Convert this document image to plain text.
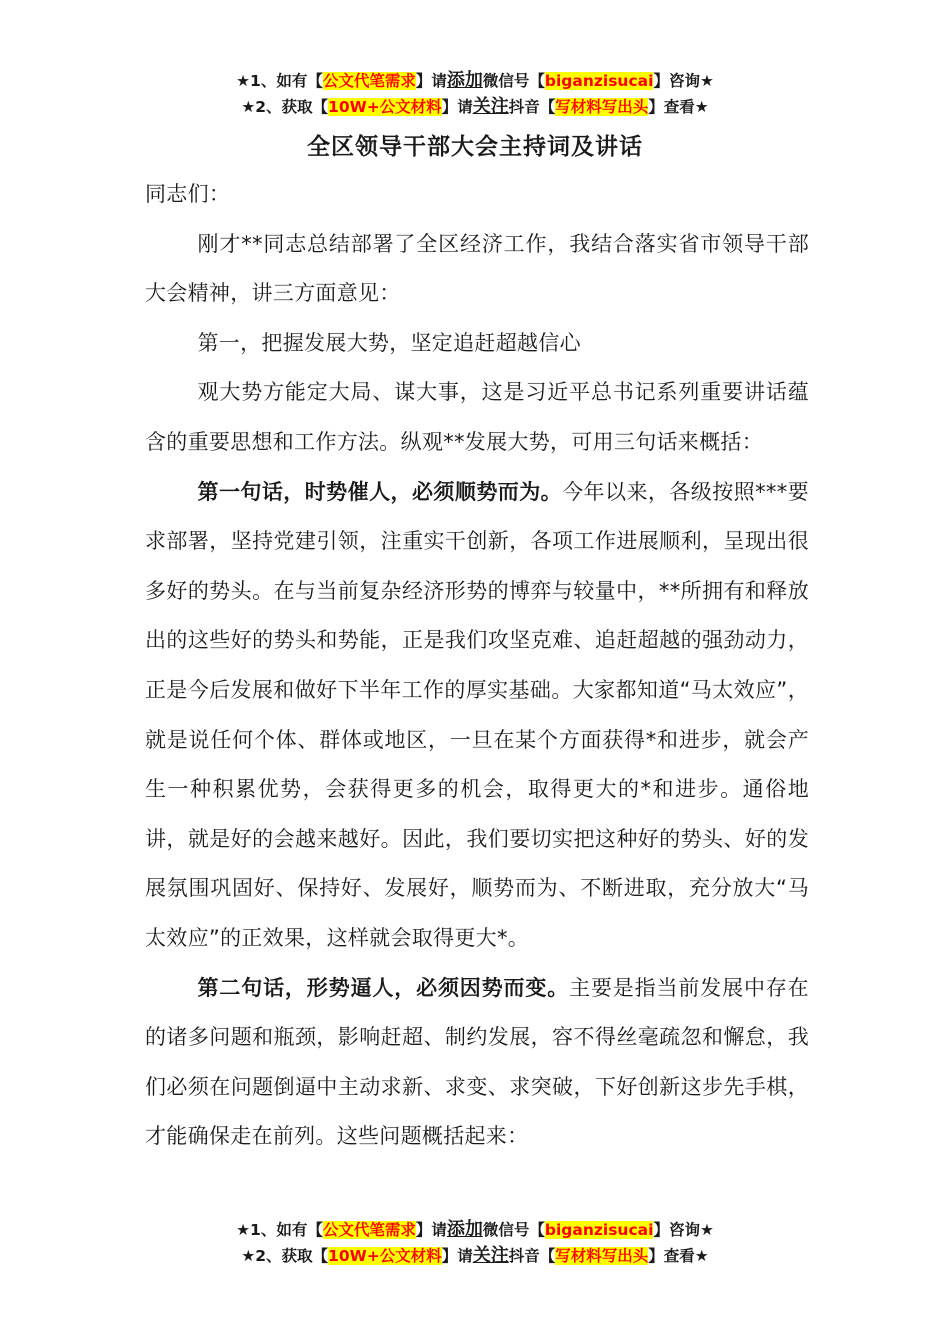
★1、如有【公文代笔需求】请添加微信号【biganzisucai】咨询★
★2、获取【10W+公文材料】请关注抖音【写材料写出头】查看★
全区领导干部大会主持词及讲话

同志们：

刚才**同志总结部署了全区经济工作，我结合落实省市领导干部大会精神，讲三方面意见：

第一，把握发展大势，坚定追赶超越信心

观大势方能定大局、谋大事，这是习近平总书记系列重要讲话蕴含的重要思想和工作方法。纵观**发展大势，可用三句话来概括：

第一句话，时势催人，必须顺势而为。今年以来，各级按照***要求部署，坚持党建引领，注重实干创新，各项工作进展顺利，呈现出很多好的势头。在与当前复杂经济形势的博弈与较量中，**所拥有和释放出的这些好的势头和势能，正是我们攻坚克难、追赶超越的强劲动力，正是今后发展和做好下半年工作的厚实基础。大家都知道“马太效应”，就是说任何个体、群体或地区，一旦在某个方面获得*和进步，就会产生一种积累优势，会获得更多的机会，取得更大的*和进步。通俗地讲，就是好的会越来越好。因此，我们要切实把这种好的势头、好的发展氛围巩固好、保持好、发展好，顺势而为、不断进取，充分放大“马太效应”的正效果，这样就会取得更大*。

第二句话，形势逼人，必须因势而变。主要是指当前发展中存在的诸多问题和瓶颈，影响赶超、制约发展，容不得丝毫疏忽和懈怠，我们必须在问题倒逼中主动求新、求变、求突破，下好创新这步先手棋，才能确保走在前列。这些问题概括起来：

★1、如有【公文代笔需求】请添加微信号【biganzisucai】咨询★
★2、获取【10W+公文材料】请关注抖音【写材料写出头】查看★
